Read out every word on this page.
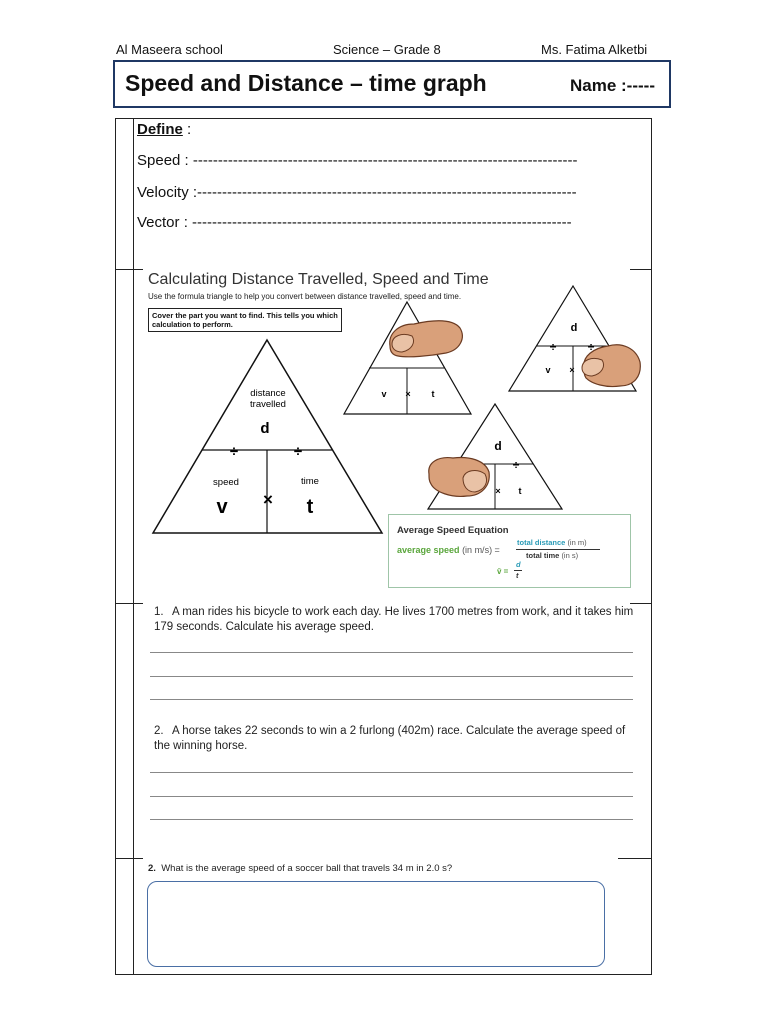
Al Maseera school	Science – Grade 8	Ms. Fatima Alketbi
Speed and Distance – time graph	Name :-----
Define :
Speed : -----------------------------------------------------------------------------
Velocity :----------------------------------------------------------------------------
Vector : ----------------------------------------------------------------------------
Calculating Distance Travelled, Speed and Time
Use the formula triangle to help you convert between distance travelled, speed and time.
Cover the part you want to find. This tells you which calculation to perform.
distance
travelled
d
÷	÷
speed	time
v	t
×
v	t
×
d
÷	÷
v ×
d
÷
t
×
Average Speed Equation
average speed (in m/s) =
total distance (in m)
total time (in s)
v̄ =
d
t
1. A man rides his bicycle to work each day. He lives 1700 metres from work, and it takes him 179 seconds. Calculate his average speed.
2. A horse takes 22 seconds to win a 2 furlong (402m) race. Calculate the average speed of the winning horse.
2. What is the average speed of a soccer ball that travels 34 m in 2.0 s?
